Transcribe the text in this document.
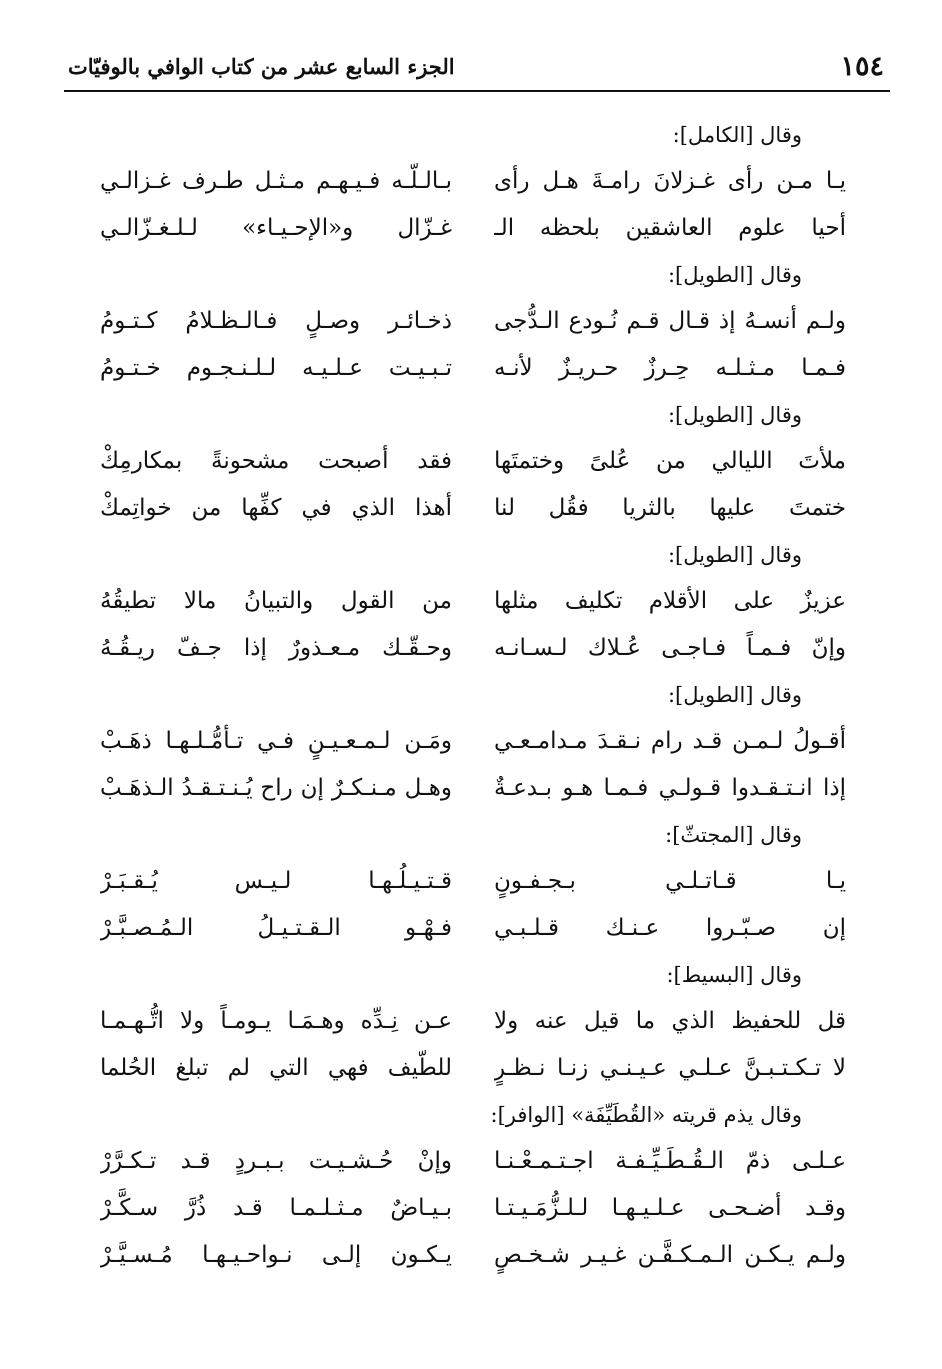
١٥٤
الجزء السابع عشر من كتاب الوافي بالوفيّات
وقال [الكامل]:
يـا مـن رأى غـزلانَ رامـةَ هـل رأى
بـالـلّـه فـيـهـم مـثـل طـرف غـزالـي
أحيا علوم العاشقين بلحظه الـ
غـزّال و«الإحـيـاء» لـلـغـزّالـي
وقال [الطويل]:
ولـم أنسـهُ إذ قـال قـم نُـودع الـدُّجى
ذخـائـر وصـلٍ فـالـظـلامُ كـتـومُ
فـمـا مـثـلـه حِـرزٌ حـريـزٌ لأنـه
تـبـيـت عـلـيـه لـلـنـجـوم خـتـومُ
وقال [الطويل]:
ملأتَ الليالي من عُلىً وختمتَها
فقد أصبحت مشحونةً بمكارمِكْ
ختمتَ عليها بالثريا فقُل لنا
أهذا الذي في كفِّها من خواتِمكْ
وقال [الطويل]:
عزيزٌ على الأقلام تكليف مثلها
من القول والتبيانُ مالا تطيقُهُ
وإنّ فـمـاً فـاجـى عُـلاك لـسـانـه
وحـقّـك مـعـذورٌ إذا جـفّ ريـقُـهُ
وقال [الطويل]:
أقـولُ لـمـن قـد رام نـقـدَ مـدامـعـي
ومَـن لـمـعـيـنٍ فـي تـأمُّـلـهـا ذهَـبْ
إذا انـتـقـدوا قـولـي فـمـا هـو بـدعـةٌ
وهـل مـنـكـرٌ إن راح يُـنـتـقـدُ الـذهَـبْ
وقال [المجتثّ]:
يـا قـاتـلـي بـجـفـونٍ
قـتـيـلُـهـا لـيـس يُـقـبَـرْ
إن صـبّـروا عـنـك قـلـبـي
فـهْـو الـقـتـيـلُ الـمُـصـبَّـرْ
وقال [البسيط]:
قل للحفيظ الذي ما قيل عنه ولا
عـن نِـدِّه وهـمَـا يـومـاً ولا اتُّـهـمـا
لا تـكـتـبـنَّ عـلـي عـيـنـي زنـا نـظـرٍ
للطّيف فهي التي لم تبلغ الحُلما
وقال يذم قريته «القُطَيِّفَة» [الوافر]:
عـلـى ذمّ الـقُـطَـيِّـفـة اجـتـمـعْـنـا
وإنْ حُـشـيـت بـبـردٍ قـد تـكـرَّرْ
وقـد أضـحـى عـلـيـهـا لـلـزُّمَـيـتـا
بـيـاضٌ مـثـلـمـا قـد ذُرَّ سـكَّـرْ
ولـم يـكـن الـمـكـفَّـن غـيـر شـخـصٍ
يـكـون إلـى نـواحـيـهـا مُـسـيَّـرْ
